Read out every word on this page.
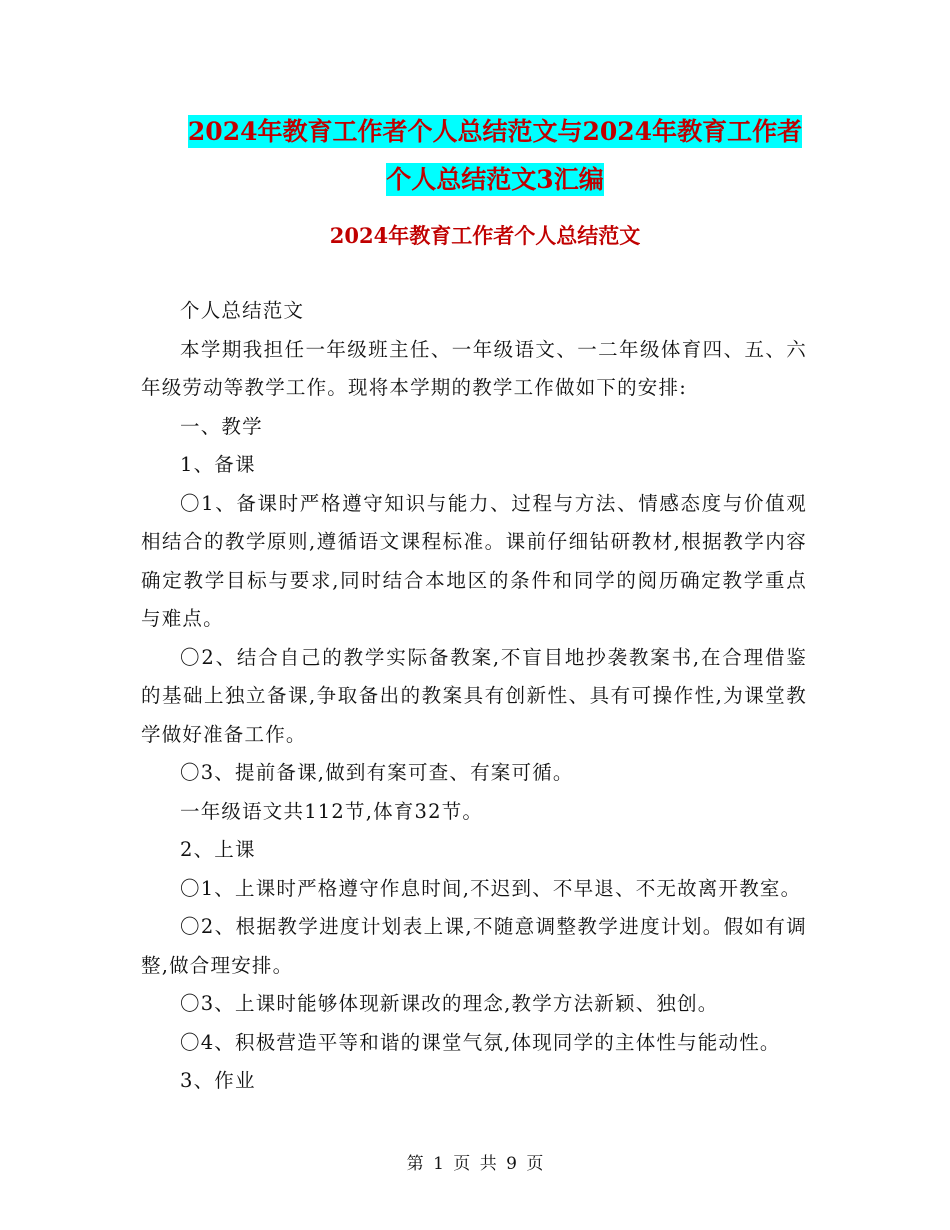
2024年教育工作者个人总结范文与2024年教育工作者
个人总结范文3汇编
2024年教育工作者个人总结范文

个人总结范文

本学期我担任一年级班主任、一年级语文、一二年级体育四、五、六年级劳动等教学工作。现将本学期的教学工作做如下的安排:

一、教学

1、备课

〇1、备课时严格遵守知识与能力、过程与方法、情感态度与价值观相结合的教学原则,遵循语文课程标准。课前仔细钻研教材,根据教学内容确定教学目标与要求,同时结合本地区的条件和同学的阅历确定教学重点与难点。

〇2、结合自己的教学实际备教案,不盲目地抄袭教案书,在合理借鉴的基础上独立备课,争取备出的教案具有创新性、具有可操作性,为课堂教学做好准备工作。

〇3、提前备课,做到有案可查、有案可循。

一年级语文共112节,体育32节。

2、上课

〇1、上课时严格遵守作息时间,不迟到、不早退、不无故离开教室。

〇2、根据教学进度计划表上课,不随意调整教学进度计划。假如有调整,做合理安排。

〇3、上课时能够体现新课改的理念,教学方法新颖、独创。

〇4、积极营造平等和谐的课堂气氛,体现同学的主体性与能动性。

3、作业

第 1 页 共 9 页
